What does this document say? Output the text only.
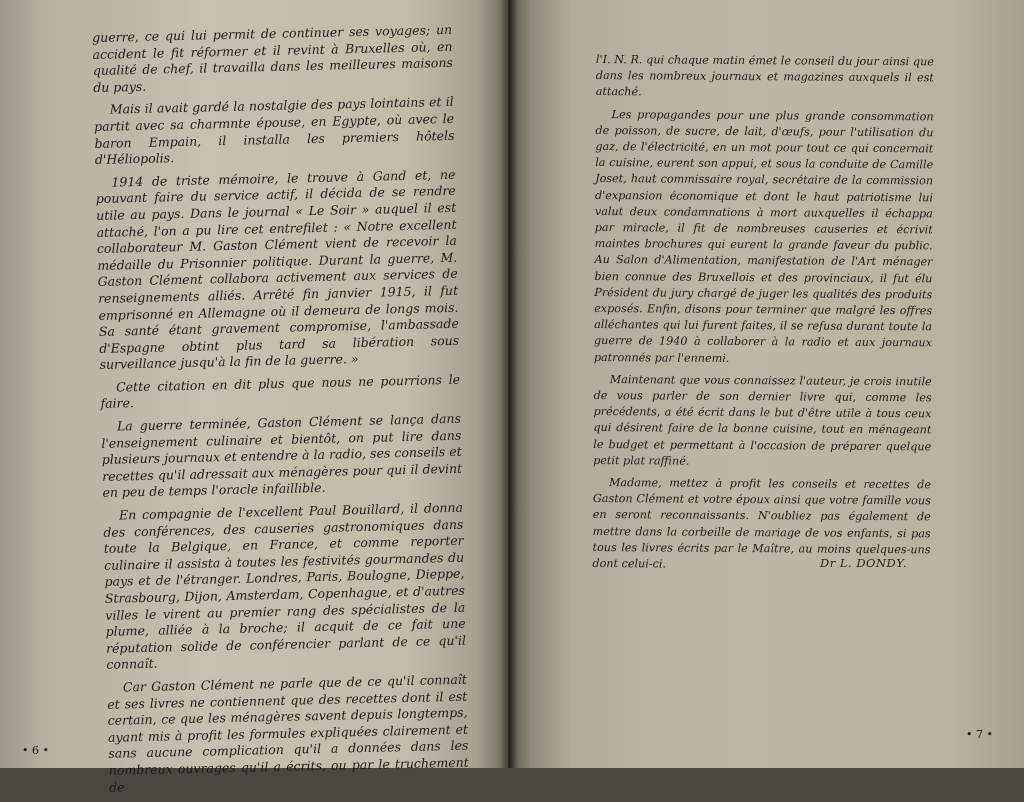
guerre, ce qui lui permit de continuer ses voyages; un accident le fit réformer et il revint à Bruxelles où, en qualité de chef, il travailla dans les meilleures maisons du pays.

Mais il avait gardé la nostalgie des pays lointains et il partit avec sa charmnte épouse, en Egypte, où avec le baron Empain, il installa les premiers hôtels d'Héliopolis.

1914 de triste mémoire, le trouve à Gand et, ne pouvant faire du service actif, il décida de se rendre utile au pays. Dans le journal « Le Soir » auquel il est attaché, l'on a pu lire cet entrefilet : « Notre excellent collaborateur M. Gaston Clément vient de recevoir la médaille du Prisonnier politique. Durant la guerre, M. Gaston Clément collabora activement aux services de renseignements alliés. Arrêté fin janvier 1915, il fut emprisonné en Allemagne où il demeura de longs mois. Sa santé étant gravement compromise, l'ambassade d'Espagne obtint plus tard sa libération sous surveillance jusqu'à la fin de la guerre. »

Cette citation en dit plus que nous ne pourrions le faire.

La guerre terminée, Gaston Clément se lança dans l'enseignement culinaire et bientôt, on put lire dans plusieurs journaux et entendre à la radio, ses conseils et recettes qu'il adressait aux ménagères pour qui il devint en peu de temps l'oracle infaillible.

En compagnie de l'excellent Paul Bouillard, il donna des conférences, des causeries gastronomiques dans toute la Belgique, en France, et comme reporter culinaire il assista à toutes les festivités gourmandes du pays et de l'étranger. Londres, Paris, Boulogne, Dieppe, Strasbourg, Dijon, Amsterdam, Copenhague, et d'autres villes le virent au premier rang des spécialistes de la plume, alliée à la broche; il acquit de ce fait une réputation solide de conférencier parlant de ce qu'il connaît.

Car Gaston Clément ne parle que de ce qu'il connaît et ses livres ne contiennent que des recettes dont il est certain, ce que les ménagères savent depuis longtemps, ayant mis à profit les formules expliquées clairement et sans aucune complication qu'il a données dans les nombreux ouvrages qu'il a écrits, ou par le truchement de

• 6 •
• 7 •

l'I. N. R. qui chaque matin émet le conseil du jour ainsi que dans les nombreux journaux et magazines auxquels il est attaché.

Les propagandes pour une plus grande consommation de poisson, de sucre, de lait, d'œufs, pour l'utilisation du gaz, de l'électricité, en un mot pour tout ce qui concernait la cuisine, eurent son appui, et sous la conduite de Camille Joset, haut commissaire royal, secrétaire de la commission d'expansion économique et dont le haut patriotisme lui valut deux condamnations à mort auxquelles il échappa par miracle, il fit de nombreuses causeries et écrivit maintes brochures qui eurent la grande faveur du public. Au Salon d'Alimentation, manifestation de l'Art ménager bien connue des Bruxellois et des provinciaux, il fut élu Président du jury chargé de juger les qualités des produits exposés. Enfin, disons pour terminer que malgré les offres alléchantes qui lui furent faites, il se refusa durant toute la guerre de 1940 à collaborer à la radio et aux journaux patronnés par l'ennemi.

Maintenant que vous connaissez l'auteur, je crois inutile de vous parler de son dernier livre qui, comme les précédents, a été écrit dans le but d'être utile à tous ceux qui désirent faire de la bonne cuisine, tout en ménageant le budget et permettant à l'occasion de préparer quelque petit plat raffiné.

Madame, mettez à profit les conseils et recettes de Gaston Clément et votre époux ainsi que votre famille vous en seront reconnaissants. N'oubliez pas également de mettre dans la corbeille de mariage de vos enfants, si pas tous les livres écrits par le Maître, au moins quelques-uns dont celui-ci.	Dr L. DONDY.
